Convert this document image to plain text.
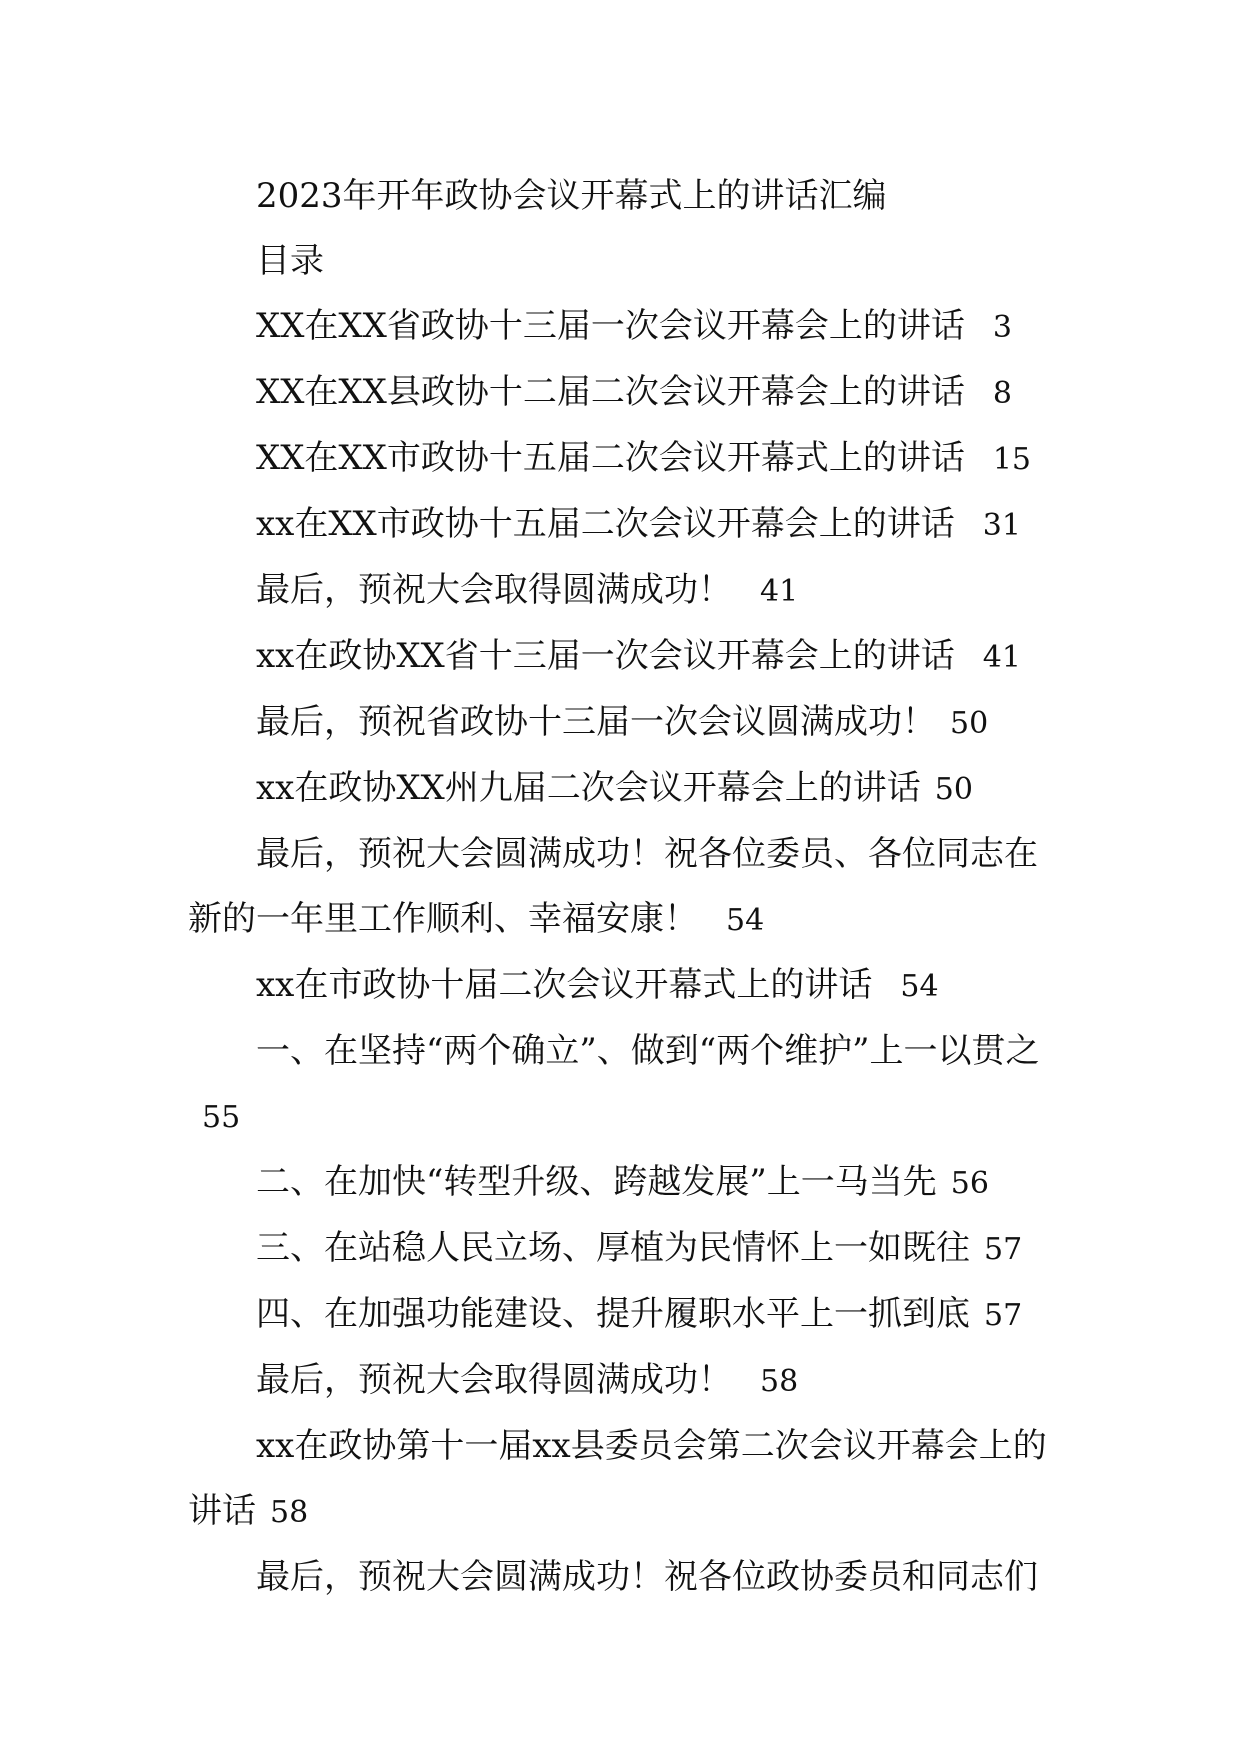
2023年开年政协会议开幕式上的讲话汇编

目录

XX在XX省政协十三届一次会议开幕会上的讲话 3

XX在XX县政协十二届二次会议开幕会上的讲话 8

XX在XX市政协十五届二次会议开幕式上的讲话 15

xx在XX市政协十五届二次会议开幕会上的讲话 31

最后，预祝大会取得圆满成功！ 41

xx在政协XX省十三届一次会议开幕会上的讲话 41

最后，预祝省政协十三届一次会议圆满成功！ 50

xx在政协XX州九届二次会议开幕会上的讲话 50

最后，预祝大会圆满成功！祝各位委员、各位同志在新的一年里工作顺利、幸福安康！ 54

xx在市政协十届二次会议开幕式上的讲话 54

一、在坚持“两个确立”、做到“两个维护”上一以贯之55

二、在加快“转型升级、跨越发展”上一马当先 56

三、在站稳人民立场、厚植为民情怀上一如既往 57

四、在加强功能建设、提升履职水平上一抓到底 57

最后，预祝大会取得圆满成功！ 58

xx在政协第十一届xx县委员会第二次会议开幕会上的讲话 58

最后，预祝大会圆满成功！祝各位政协委员和同志们
